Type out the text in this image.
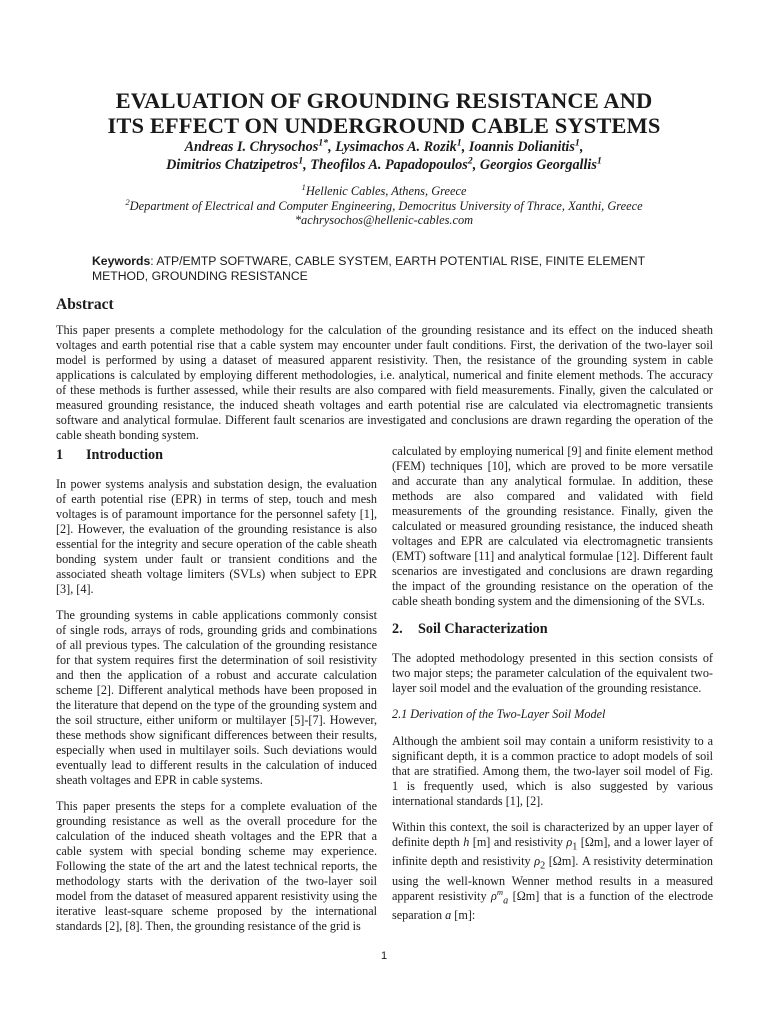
EVALUATION OF GROUNDING RESISTANCE AND
ITS EFFECT ON UNDERGROUND CABLE SYSTEMS
Andreas I. Chrysochos$^{1*}$, Lysimachos A. Rozik$^1$, Ioannis Dolianitis$^1$,
Dimitrios Chatzipetros$^1$, Theofilos A. Papadopoulos$^2$, Georgios Georgallis$^1$
$^1$Hellenic Cables, Athens, Greece
$^2$Department of Electrical and Computer Engineering, Democritus University of Thrace, Xanthi, Greece
*achrysochos@hellenic-cables.com
Keywords: ATP/EMTP SOFTWARE, CABLE SYSTEM, EARTH POTENTIAL RISE, FINITE ELEMENT METHOD, GROUNDING RESISTANCE
Abstract
This paper presents a complete methodology for the calculation of the grounding resistance and its effect on the induced sheath voltages and earth potential rise that a cable system may encounter under fault conditions. First, the derivation of the two-layer soil model is performed by using a dataset of measured apparent resistivity. Then, the resistance of the grounding system in cable applications is calculated by employing different methodologies, i.e. analytical, numerical and finite element methods. The accuracy of these methods is further assessed, while their results are also compared with field measurements. Finally, given the calculated or measured grounding resistance, the induced sheath voltages and earth potential rise are calculated via electromagnetic transients software and analytical formulae. Different fault scenarios are investigated and conclusions are drawn regarding the operation of the cable sheath bonding system.
1 Introduction

In power systems analysis and substation design, the evaluation of earth potential rise (EPR) in terms of step, touch and mesh voltages is of paramount importance for the personnel safety [1], [2]. However, the evaluation of the grounding resistance is also essential for the integrity and secure operation of the cable sheath bonding system under fault or transient conditions and the associated sheath voltage limiters (SVLs) when subject to EPR [3], [4].

The grounding systems in cable applications commonly consist of single rods, arrays of rods, grounding grids and combinations of all previous types. The calculation of the grounding resistance for that system requires first the determination of soil resistivity and then the application of a robust and accurate calculation scheme [2]. Different analytical methods have been proposed in the literature that depend on the type of the grounding system and the soil structure, either uniform or multilayer [5]-[7]. However, these methods show significant differences between their results, especially when used in multilayer soils. Such deviations would eventually lead to different results in the calculation of induced sheath voltages and EPR in cable systems.

This paper presents the steps for a complete evaluation of the grounding resistance as well as the overall procedure for the calculation of the induced sheath voltages and the EPR that a cable system with special bonding scheme may experience. Following the state of the art and the latest technical reports, the methodology starts with the derivation of the two-layer soil model from the dataset of measured apparent resistivity using the iterative least-square scheme proposed by the international standards [2], [8]. Then, the grounding resistance of the grid is

calculated by employing numerical [9] and finite element method (FEM) techniques [10], which are proved to be more versatile and accurate than any analytical formulae. In addition, these methods are also compared and validated with field measurements of the grounding resistance. Finally, given the calculated or measured grounding resistance, the induced sheath voltages and EPR are calculated via electromagnetic transients (EMT) software [11] and analytical formulae [12]. Different fault scenarios are investigated and conclusions are drawn regarding the impact of the grounding resistance on the operation of the cable sheath bonding system and the dimensioning of the SVLs.

2. Soil Characterization

The adopted methodology presented in this section consists of two major steps; the parameter calculation of the equivalent two-layer soil model and the evaluation of the grounding resistance.

2.1 Derivation of the Two-Layer Soil Model

Although the ambient soil may contain a uniform resistivity to a significant depth, it is a common practice to adopt models of soil that are stratified. Among them, the two-layer soil model of Fig. 1 is frequently used, which is also suggested by various international standards [1], [2].

Within this context, the soil is characterized by an upper layer of definite depth h [m] and resistivity $\rho_1$ [Ωm], and a lower layer of infinite depth and resistivity $\rho_2$ [Ωm]. A resistivity determination using the well-known Wenner method results in a measured apparent resistivity $\rho^m_a$ [Ωm] that is a function of the electrode separation a [m]:

1
